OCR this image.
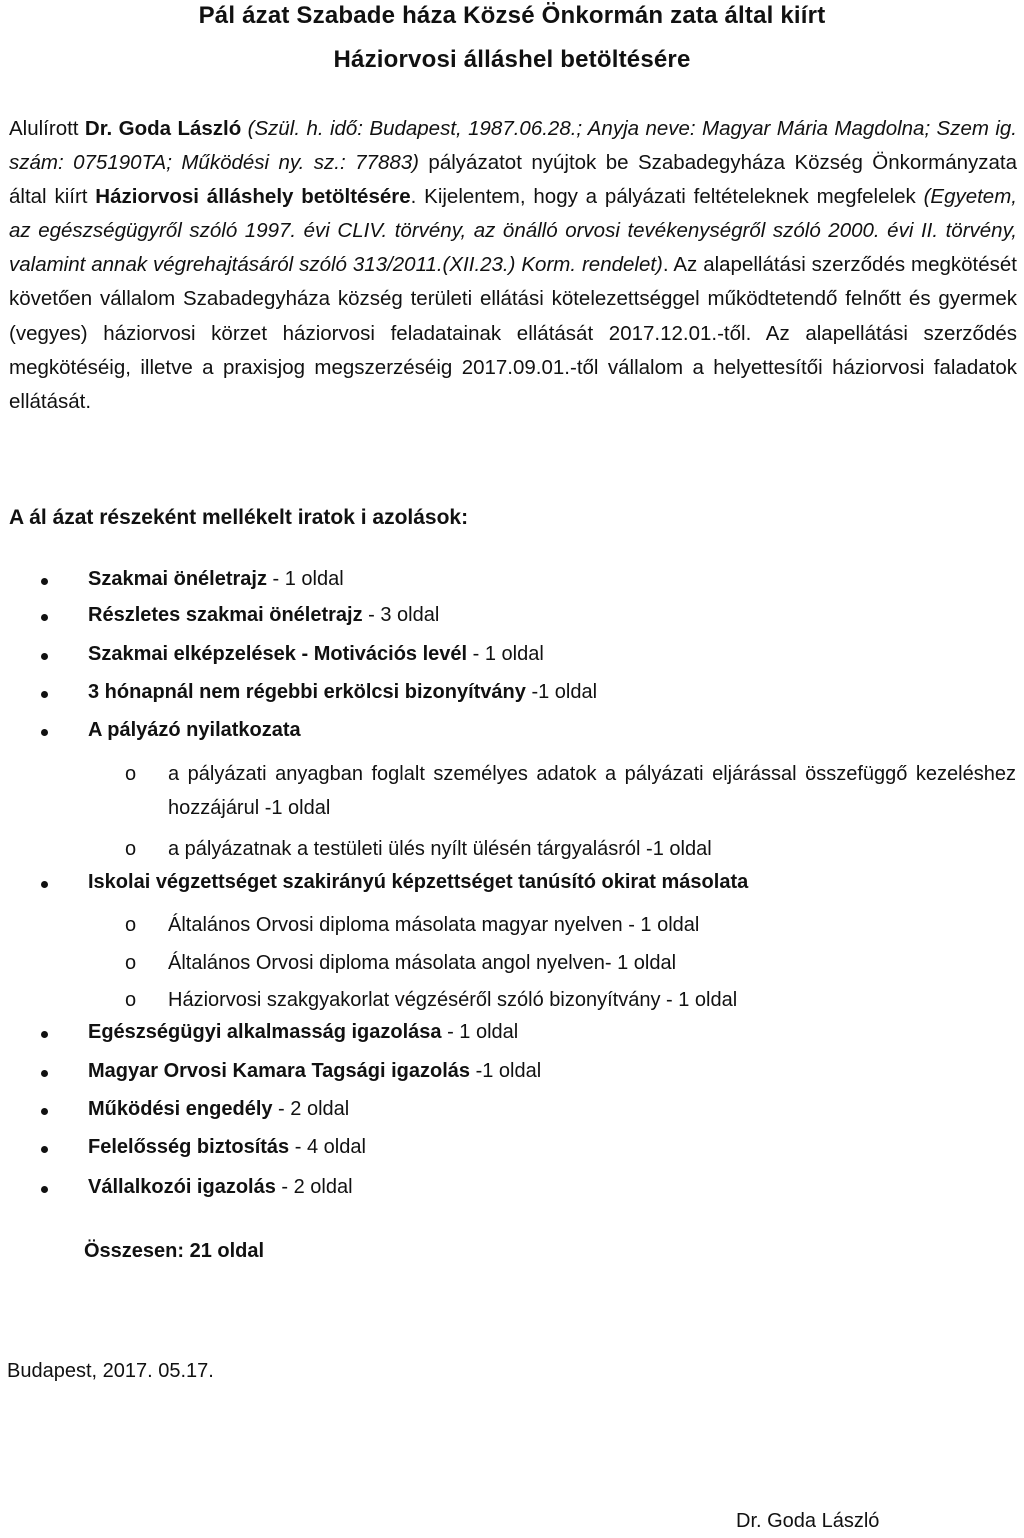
Pál ázat Szabade háza Közsé Önkormán zata által kiírt
Háziorvosi álláshel betöltésére
Alulírott Dr. Goda László (Szül. h. idő: Budapest, 1987.06.28.; Anyja neve: Magyar Mária Magdolna; Szem ig. szám: 075190TA; Működési ny. sz.: 77883) pályázatot nyújtok be Szabadegyháza Község Önkormányzata által kiírt Háziorvosi álláshely betöltésére. Kijelentem, hogy a pályázati feltételeknek megfelelek (Egyetem, az egészségügyről szóló 1997. évi CLIV. törvény, az önálló orvosi tevékenységről szóló 2000. évi II. törvény, valamint annak végrehajtásáról szóló 313/2011.(XII.23.) Korm. rendelet). Az alapellátási szerződés megkötését követően vállalom Szabadegyháza község területi ellátási kötelezettséggel működtetendő felnőtt és gyermek (vegyes) háziorvosi körzet háziorvosi feladatainak ellátását 2017.12.01.-től. Az alapellátási szerződés megkötéséig, illetve a praxisjog megszerzéséig 2017.09.01.-től vállalom a helyettesítői háziorvosi faladatok ellátását.
A ál ázat részeként mellékelt iratok i azolások:
Szakmai önéletrajz - 1 oldal
Részletes szakmai önéletrajz - 3 oldal
Szakmai elképzelések - Motivációs levél - 1 oldal
3 hónapnál nem régebbi erkölcsi bizonyítvány -1 oldal
A pályázó nyilatkozata
o a pályázati anyagban foglalt személyes adatok a pályázati eljárással összefüggő kezeléshez hozzájárul -1 oldal
o a pályázatnak a testületi ülés nyílt ülésén tárgyalásról -1 oldal
Iskolai végzettséget szakirányú képzettséget tanúsító okirat másolata
o Általános Orvosi diploma másolata magyar nyelven - 1 oldal
o Általános Orvosi diploma másolata angol nyelven- 1 oldal
o Háziorvosi szakgyakorlat végzéséről szóló bizonyítvány - 1 oldal
Egészségügyi alkalmasság igazolása - 1 oldal
Magyar Orvosi Kamara Tagsági igazolás -1 oldal
Működési engedély - 2 oldal
Felelősség biztosítás - 4 oldal
Vállalkozói igazolás - 2 oldal
Összesen: 21 oldal
Budapest, 2017. 05.17.
Dr. Goda László
